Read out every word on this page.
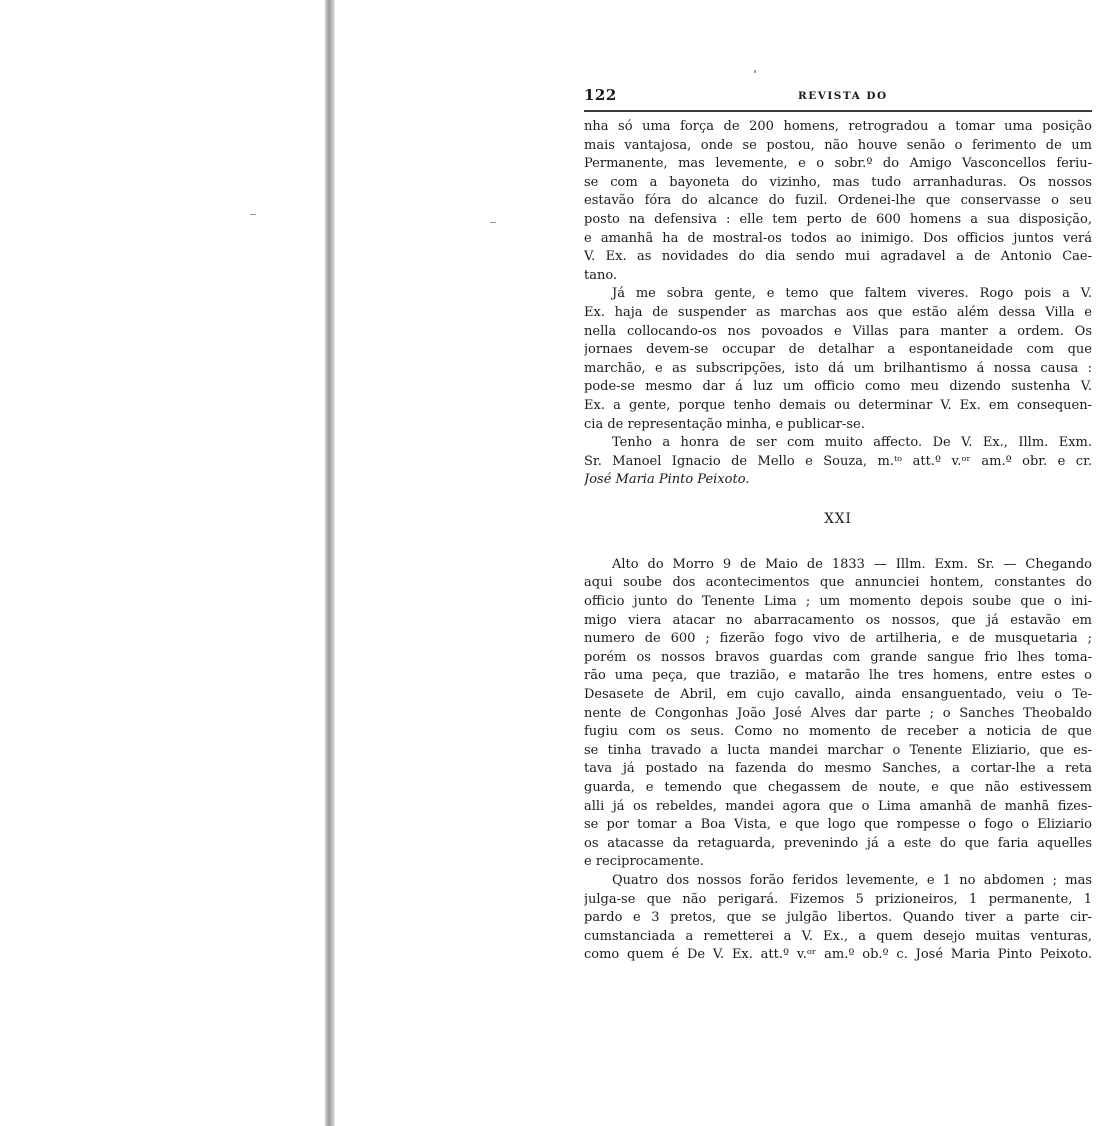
122	REVISTA DO
nha só uma força de 200 homens, retrogradou a tomar uma posição
mais vantajosa, onde se postou, não houve senão o ferimento de um
Permanente, mas levemente, e o sobr.º do Amigo Vasconcellos feriu-
se com a bayoneta do vizinho, mas tudo arranhaduras. Os nossos
estavão fóra do alcance do fuzil. Ordenei-lhe que conservasse o seu
posto na defensiva : elle tem perto de 600 homens a sua disposição,
e amanhã ha de mostral-os todos ao inimigo. Dos officios juntos verá
V. Ex. as novidades do dia sendo mui agradavel a de Antonio Cae-
tano.
Já me sobra gente, e temo que faltem viveres. Rogo pois a V.
Ex. haja de suspender as marchas aos que estão além dessa Villa e
nella collocando-os nos povoados e Villas para manter a ordem. Os
jornaes devem-se occupar de detalhar a espontaneidade com que
marchão, e as subscripções, isto dá um brilhantismo á nossa causa :
pode-se mesmo dar á luz um officio como meu dizendo sustenha V.
Ex. a gente, porque tenho demais ou determinar V. Ex. em consequen-
cia de representação minha, e publicar-se.
Tenho a honra de ser com muito affecto. De V. Ex., Illm. Exm.
Sr. Manoel Ignacio de Mello e Souza, m.ᵗᵒ att.º v.ᵒʳ am.º obr. e cr.
José Maria Pinto Peixoto.
XXI
Alto do Morro 9 de Maio de 1833 — Illm. Exm. Sr. — Chegando
aqui soube dos acontecimentos que annunciei hontem, constantes do
officio junto do Tenente Lima ; um momento depois soube que o ini-
migo viera atacar no abarracamento os nossos, que já estavão em
numero de 600 ; fizerão fogo vivo de artilheria, e de musquetaria ;
porém os nossos bravos guardas com grande sangue frio lhes toma-
rão uma peça, que trazião, e matarão lhe tres homens, entre estes o
Desasete de Abril, em cujo cavallo, ainda ensanguentado, veiu o Te-
nente de Congonhas João José Alves dar parte ; o Sanches Theobaldo
fugiu com os seus. Como no momento de receber a noticia de que
se tinha travado a lucta mandei marchar o Tenente Eliziario, que es-
tava já postado na fazenda do mesmo Sanches, a cortar-lhe a reta
guarda, e temendo que chegassem de noute, e que não estivessem
alli já os rebeldes, mandei agora que o Lima amanhã de manhã fizes-
se por tomar a Boa Vista, e que logo que rompesse o fogo o Eliziario
os atacasse da retaguarda, prevenindo já a este do que faria aquelles
e reciprocamente.
Quatro dos nossos forão feridos levemente, e 1 no abdomen ; mas
julga-se que não perigará. Fizemos 5 prizioneiros, 1 permanente, 1
pardo e 3 pretos, que se julgão libertos. Quando tiver a parte cir-
cumstanciada a remetterei a V. Ex., a quem desejo muitas venturas,
como quem é De V. Ex. att.º v.ᵒʳ am.º ob.º c. José Maria Pinto Peixoto.
